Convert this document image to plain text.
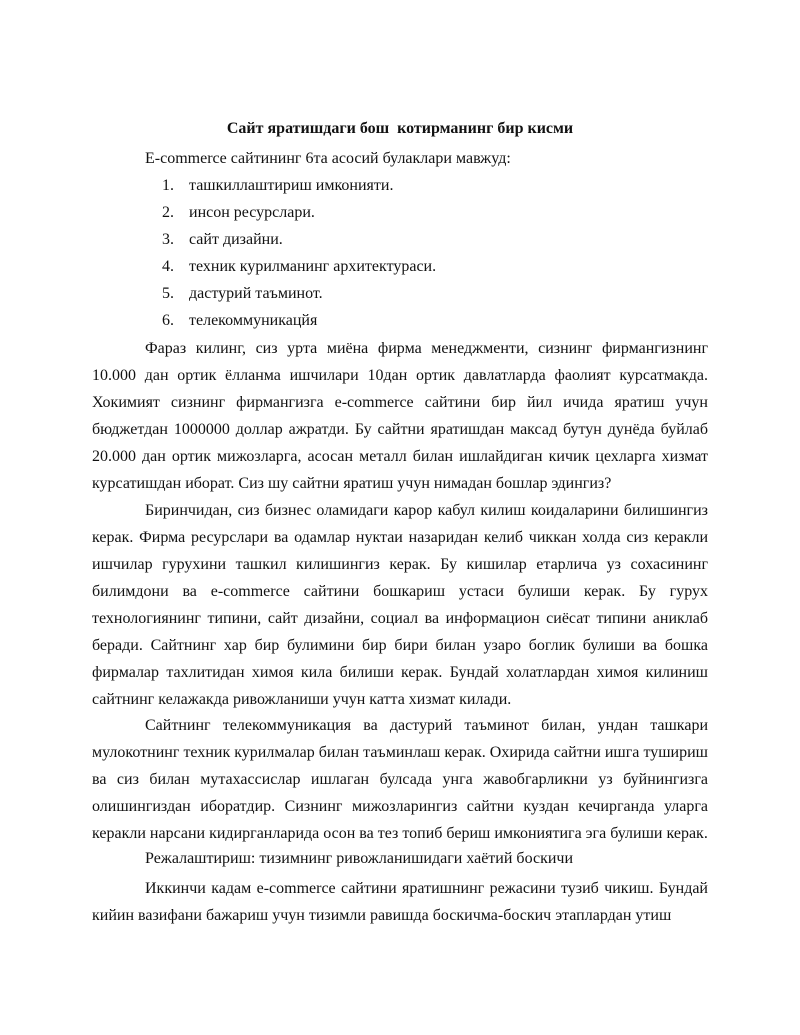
Сайт яратишдаги бош  котирманинг бир кисми
E-commerce сайтининг 6та асосий булаклари мавжуд:
1. ташкиллаштириш имконияти.
2. инсон ресурслари.
3. сайт дизайни.
4. техник курилманинг архитектураси.
5. дастурий таъминот.
6. телекоммуникацйя

Фараз килинг, сиз урта миёна фирма менеджменти, сизнинг фирмангизнинг 10.000 дан ортик ёлланма ишчилари 10дан ортик давлатларда фаолият курсатмакда. Хокимият сизнинг фирмангизга e-commerce сайтини бир йил ичида яратиш учун бюджетдан 1000000 доллар ажратди. Бу сайтни яратишдан максад бутун дунёда буйлаб 20.000 дан ортик мижозларга, асосан металл билан ишлайдиган кичик цехларга хизмат курсатишдан иборат. Сиз шу сайтни яратиш учун нимадан бошлар эдингиз?

Биринчидан, сиз бизнес оламидаги карор кабул килиш коидаларини билишингиз керак. Фирма ресурслари ва одамлар нуктаи назаридан келиб чиккан холда сиз керакли ишчилар гурухини ташкил килишингиз керак. Бу кишилар етарлича уз сохасининг билимдони ва e-commerce сайтини бошкариш устаси булиши керак. Бу гурух технологиянинг типини, сайт дизайни, социал ва информацион сиёсат типини аниклаб беради. Сайтнинг хар бир булимини бир бири билан узаро боглик булиши ва бошка фирмалар тахлитидан химоя кила билиши керак. Бундай холатлардан химоя килиниш сайтнинг келажакда ривожланиши учун катта хизмат килади.

Сайтнинг телекоммуникация ва дастурий таъминот билан, ундан ташкари мулокотнинг техник курилмалар билан таъминлаш керак. Охирида сайтни ишга тушириш ва сиз билан мутахассислар ишлаган булсада унга жавобгарликни уз буйнингизга олишингиздан иборатдир. Сизнинг мижозларингиз сайтни куздан кечирганда уларга керакли нарсани кидирганларида осон ва тез топиб бериш имкониятига эга булиши керак.

Режалаштириш: тизимнинг ривожланишидаги хаётий боскичи

Иккинчи кадам e-commerce сайтини яратишнинг режасини тузиб чикиш. Бундай кийин вазифани бажариш учун тизимли равишда боскичма-боскич этаплардан утиш
